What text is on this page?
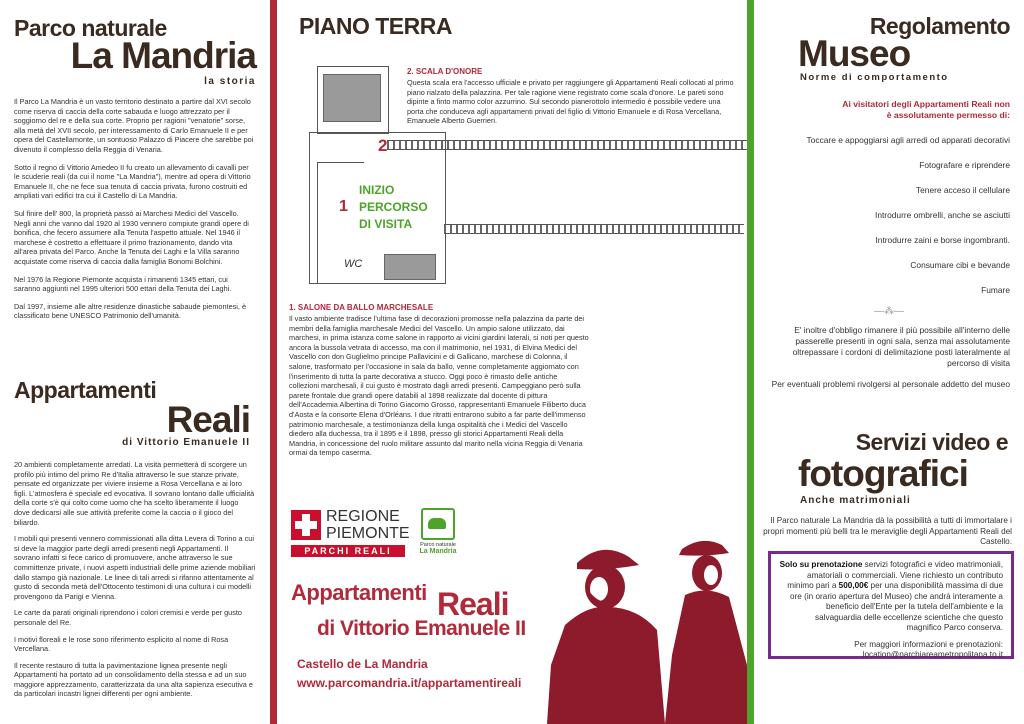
Parco naturale
La Mandria
la storia

Il Parco La Mandria è un vasto territorio destinato a partire dal XVI secolo come riserva di caccia della corte sabauda e luogo attrezzato per il soggiorno del re e della sua corte. Proprio per ragioni "venatorie" sorse, alla metà del XVII secolo, per interessamento di Carlo Emanuele II e per opera del Castellamonte, un sontuoso Palazzo di Piacere che sarebbe poi divenuto il complesso della Reggia di Venaria.

Sotto il regno di Vittorio Amedeo II fu creato un allevamento di cavalli per le scuderie reali (da cui il nome "La Mandria"), mentre ad opera di Vittorio Emanuele II, che ne fece sua tenuta di caccia privata, furono costruiti ed ampliati vari edifici tra cui il Castello di La Mandria.

Sul finire dell' 800, la proprietà passò ai Marchesi Medici del Vascello. Negli anni che vanno dal 1920 al 1930 vennero compiute grandi opere di bonifica, che fecero assumere alla Tenuta l'aspetto attuale. Nel 1946 il marchese è costretto a effettuare il primo frazionamento, dando vita all'area privata del Parco. Anche la Tenuta dei Laghi e la Villa saranno acquistate come riserva di caccia dalla famiglia Bonomi Bolchini.

Nel 1976 la Regione Piemonte acquista i rimanenti 1345 ettari, cui saranno aggiunti nel 1995 ulteriori 500 ettari della Tenuta dei Laghi.

Dal 1997, insieme alle altre residenze dinastiche sabaude piemontesi, è classificato bene UNESCO Patrimonio dell'umanità.

Appartamenti
Reali
di Vittorio Emanuele II

20 ambienti completamente arredati. La visita permetterà di scorgere un profilo più intimo del primo Re d'Italia attraverso le sue stanze private, pensate ed organizzate per viviere insieme a Rosa Vercellana e ai loro figli. L'atmosfera è speciale ed evocativa. Il sovrano lontano dalle ufficialità della corte s'è qui colto come uomo che ha scelto liberamente il luogo dove dedicarsi alle sue attività preferite come la caccia o il gioco del biliardo.

I mobili qui presenti vennero commissionati alla ditta Levera di Torino a cui si deve la maggior parte degli arredi presenti negli Appartamenti. Il sovrano infatti si fece carico di promuovere, anche attraverso le sue committenze private, i nuovi aspetti industriali delle prime aziende mobiliari dallo stampo già nazionale. Le linee di tali arredi si rifanno attentamente al gusto di seconda metà dell'Ottocento testimoni di una cultura i cui modelli provengono da Parigi e Vienna.

Le carte da parati originali riprendono i colori cremisi e verde per gusto personale del Re.

I motivi floreali e le rose sono riferimento esplicito al nome di Rosa Vercellana.

Il recente restauro di tutta la pavimentazione lignea presente negli Appartamenti ha portato ad un consolidamento della stessa e ad un suo maggiore apprezzamento, caratterizzata da una alta sapienza esecutiva e da particolari incastri lignei differenti per ogni ambiente.

PIANO TERRA
2
1
INIZIO
PERCORSO
DI VISITA
WC
2. SCALA D'ONORE

Questa scala era l'accesso ufficiale e privato per raggiungere gli Appartamenti Reali collocati al primo piano rialzato della palazzina. Per tale ragione viene registrato come scala d'onore. Le pareti sono dipinte a finto marmo color azzurrino. Sul secondo pianerottolo intermedio è possibile vedere una porta che conduceva agli appartamenti privati del figlio di Vittorio Emanuele e di Rosa Vercellana, Emanuele Alberto Guerrieri.

1. SALONE DA BALLO MARCHESALE

Il vasto ambiente tradisce l'ultima fase di decorazioni promosse nella palazzina da parte dei membri della famiglia marchesale Medici del Vascello. Un ampio salone utilizzato, dai marchesi, in prima istanza come salone in rapporto ai vicini giardini laterali, si noti per questo ancora la bussola vetrata di accesso, ma con il matrimonio, nel 1931, di Elvina Medici del Vascello con don Guglielmo principe Pallavicini e di Gallicano, marchese di Colonna, il salone, trasformato per l'occasione in sala da ballo, venne completamente aggiornato con l'inserimento di tutta la parte decorativa a stucco. Oggi poco è rimasto delle antiche collezioni marchesali, il cui gusto è mostrato dagli arredi presenti. Campeggiano però sulla parete frontale due grandi opere databili al 1898 realizzate dal docente di pittura dell'Accademia Albertina di Torino Giacomo Grosso, rappresentanti Emanuele Filiberto duca d'Aosta e la consorte Elena d'Orléans. I due ritratti entrarono subito a far parte dell'immenso patrimonio marchesale, a testimonianza della lunga ospitalità che i Medici del Vascello diedero alla duchessa, tra il 1895 e il 1898, presso gli storici Appartamenti Reali della Mandria, in concessione del ruolo militare assunto dal marito nella vicina Reggia di Venaria ormai da tempo caserma.

REGIONE
PIEMONTE
PARCHI REALI
Parco naturale
La Mandria
Appartamenti Reali
di Vittorio Emanuele II
Castello de La Mandria
www.parcomandria.it/appartamentireali
Regolamento
Museo
Norme di comportamento
Ai visitatori degli Appartamenti Reali non è assolutamente permesso di:

Toccare e appoggiarsi agli arredi od apparati decorativi

Fotografare e riprendere

Tenere acceso il cellulare

Introdurre ombrelli, anche se asciutti

Introdurre zaini e borse ingombranti.

Consumare cibi e bevande

Fumare

—⁂—

E' inoltre d'obbligo rimanere il più possibile all'interno delle passerelle presenti in ogni sala, senza mai assolutamente oltrepassare i cordoni di delimitazione posti lateralmente al percorso di visita

Per eventuali problemi rivolgersi al personale addetto del museo

Servizi video e
fotografici
Anche matrimoniali

Il Parco naturale La Mandria dà la possibilità a tutti di immortalare i propri momenti più belli tra le meraviglie degli Appartamenti Reali del Castello.

Solo su prenotazione servizi fotografici e video matrimoniali, amatoriali o commerciali. Viene richiesto un contributo minimo pari a 500,00€ per una disponibilità massima di due ore (in orario apertura del Museo) che andrà interamente a beneficio dell'Ente per la tutela dell'ambiente e la salvaguardia delle eccellenze scientiche che questo magnifico Parco conserva.

Per maggiori informazioni e prenotazioni:

location@parchiareametropolitana.to.it
